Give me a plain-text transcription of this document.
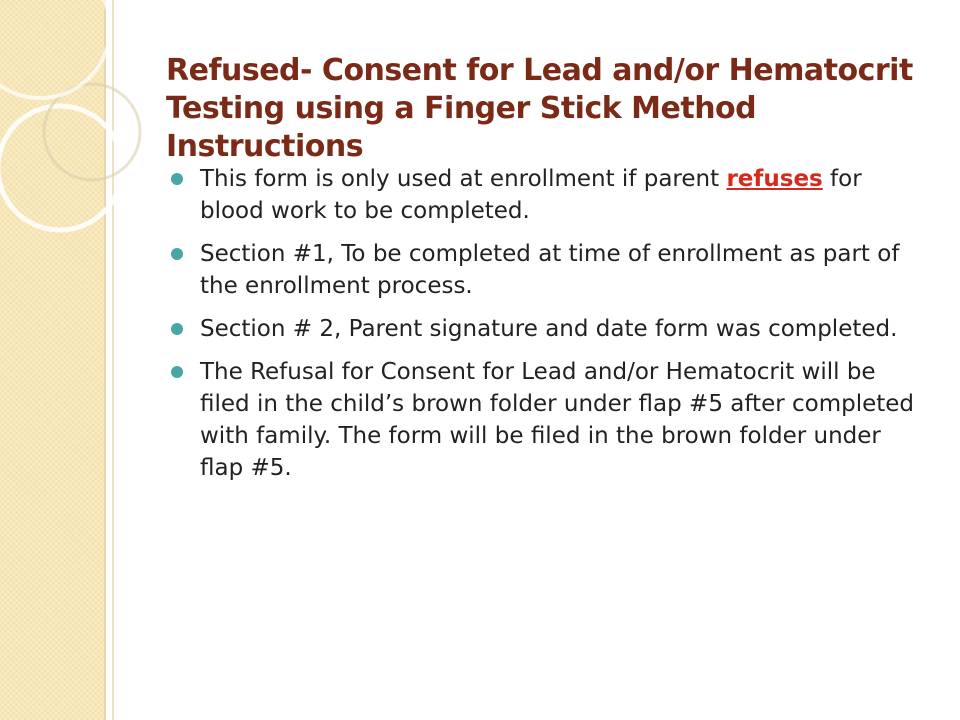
Refused- Consent for Lead and/or Hematocrit Testing using a Finger Stick Method Instructions
This form is only used at enrollment if parent refuses for blood work to be completed.
Section #1, To be completed at time of enrollment as part of the enrollment process.
Section # 2, Parent signature and date form was completed.
The Refusal for Consent for Lead and/or Hematocrit will be filed in the child’s brown folder under flap #5 after completed with family. The form will be filed in the brown folder under flap #5.
